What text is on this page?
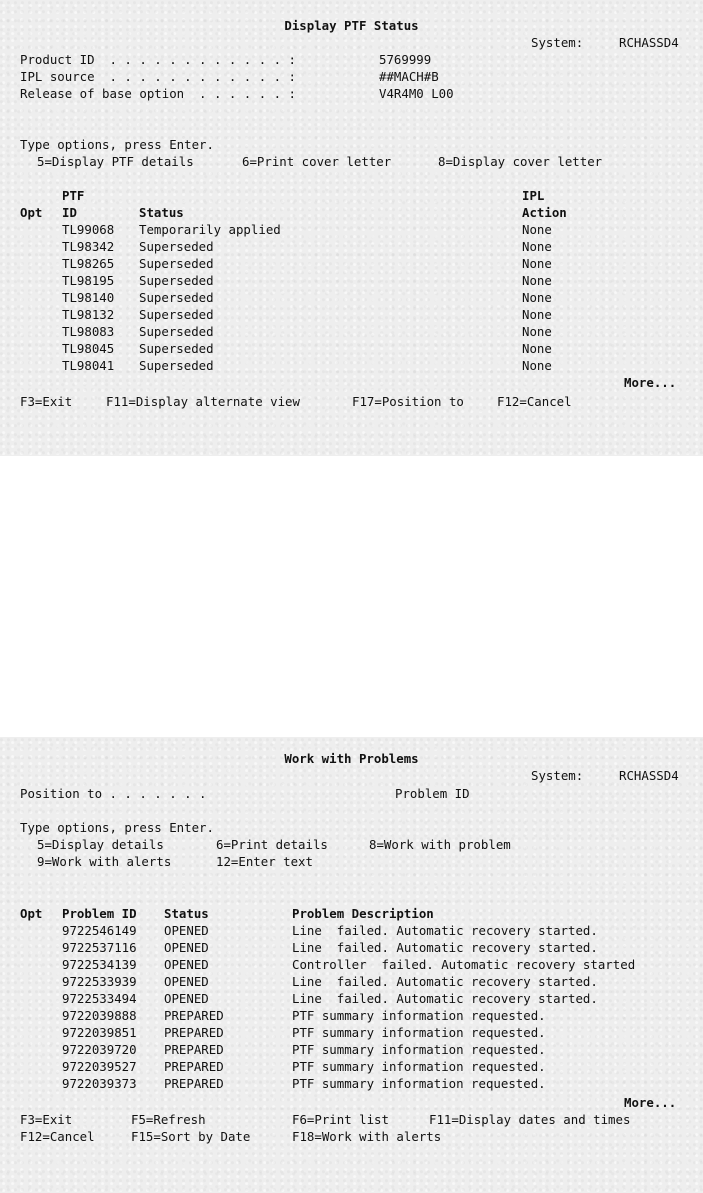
Display PTF Status
System:	RCHASSD4
Product ID  . . . . . . . . . . . . :	5769999
IPL source  . . . . . . . . . . . . :	##MACH#B
Release of base option  . . . . . . :	V4R4M0 L00
Type options, press Enter.
5=Display PTF details	6=Print cover letter	8=Display cover letter
PTF	IPL
Opt ID	Status	Action
TL99068 Temporarily applied	None
TL98342 Superseded	None
TL98265 Superseded	None
TL98195 Superseded	None
TL98140 Superseded	None
TL98132 Superseded	None
TL98083 Superseded	None
TL98045 Superseded	None
TL98041 Superseded	None
More...
F3=Exit	F11=Display alternate view	F17=Position to	F12=Cancel
Work with Problems
System:	RCHASSD4
Position to . . . . . . .	Problem ID
Type options, press Enter.
5=Display details	6=Print details	8=Work with problem
9=Work with alerts	12=Enter text
Opt Problem ID Status	Problem Description
9722546149 OPENED	Line  failed. Automatic recovery started.
9722537116 OPENED	Line  failed. Automatic recovery started.
9722534139 OPENED	Controller  failed. Automatic recovery started
9722533939 OPENED	Line  failed. Automatic recovery started.
9722533494 OPENED	Line  failed. Automatic recovery started.
9722039888 PREPARED	PTF summary information requested.
9722039851 PREPARED	PTF summary information requested.
9722039720 PREPARED	PTF summary information requested.
9722039527 PREPARED	PTF summary information requested.
9722039373 PREPARED	PTF summary information requested.
More...
F3=Exit	F5=Refresh	F6=Print list	F11=Display dates and times
F12=Cancel	F15=Sort by Date	F18=Work with alerts
